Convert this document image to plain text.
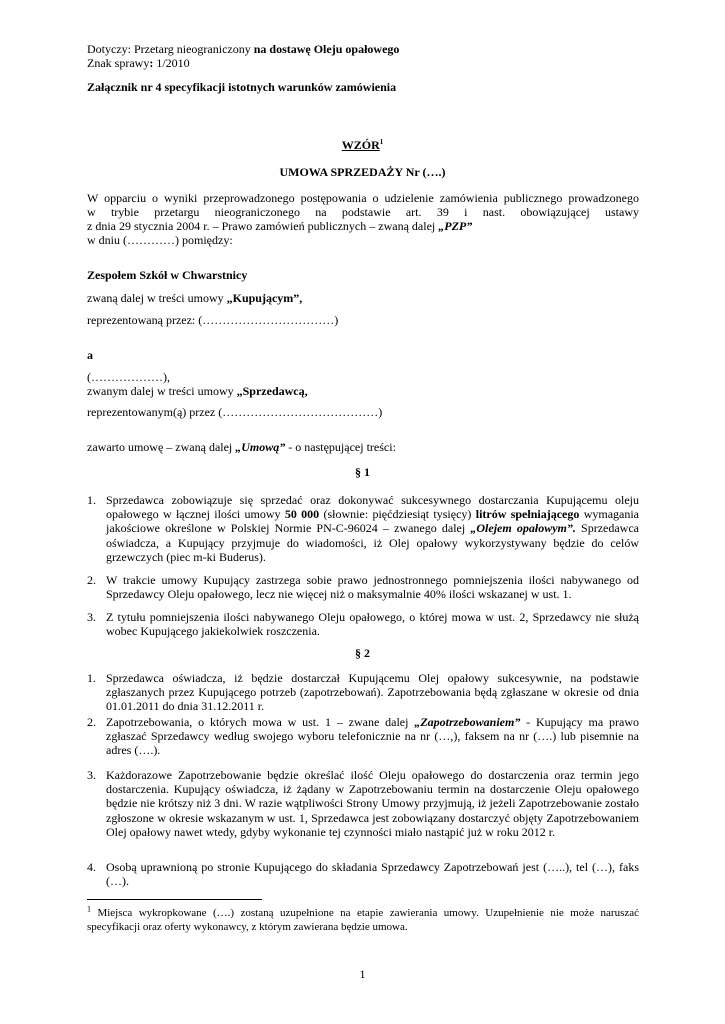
Dotyczy: Przetarg nieograniczony na dostawę Oleju opałowego
Znak sprawy: 1/2010
Załącznik nr 4 specyfikacji istotnych warunków zamówienia
WZÓR$^1$
UMOWA SPRZEDAŻY Nr (….)
W opparciu o wyniki przeprowadzonego postępowania o udzielenie zamówienia publicznego prowadzonego
w trybie przetargu nieograniczonego na podstawie art. 39 i nast. obowiązującej ustawy
z dnia 29 stycznia 2004 r. – Prawo zamówień publicznych – zwaną dalej „PZP”
w dniu (…………) pomiędzy:
Zespołem Szkół w Chwarstnicy
zwaną dalej w treści umowy „Kupującym”,
reprezentowaną przez: (……………………………)
a
(………………),
zwanym dalej w treści umowy „Sprzedawcą,
reprezentowanym(ą) przez (…………………………………)
zawarto umowę – zwaną dalej „Umową” - o następującej treści:
§ 1
1. Sprzedawca zobowiązuje się sprzedać oraz dokonywać sukcesywnego dostarczania Kupującemu oleju opałowego w łącznej ilości umowy 50 000 (słownie: pięćdziesiąt tysięcy) litrów spełniającego wymagania jakościowe określone w Polskiej Normie PN-C-96024 – zwanego dalej „Olejem opałowym”. Sprzedawca oświadcza, a Kupujący przyjmuje do wiadomości, iż Olej opałowy wykorzystywany będzie do celów grzewczych (piec m-ki Buderus).
2. W trakcie umowy Kupujący zastrzega sobie prawo jednostronnego pomniejszenia ilości nabywanego od Sprzedawcy Oleju opałowego, lecz nie więcej niż o maksymalnie 40% ilości wskazanej w ust. 1.
3. Z tytułu pomniejszenia ilości nabywanego Oleju opałowego, o której mowa w ust. 2, Sprzedawcy nie służą wobec Kupującego jakiekolwiek roszczenia.
§ 2
1. Sprzedawca oświadcza, iż będzie dostarczał Kupującemu Olej opałowy sukcesywnie, na podstawie zgłaszanych przez Kupującego potrzeb (zapotrzebowań). Zapotrzebowania będą zgłaszane w okresie od dnia 01.01.2011 do dnia 31.12.2011 r.
2. Zapotrzebowania, o których mowa w ust. 1 – zwane dalej „Zapotrzebowaniem” - Kupujący ma prawo zgłaszać Sprzedawcy według swojego wyboru telefonicznie na nr (…,), faksem na nr (….) lub pisemnie na adres (….).
3. Każdorazowe Zapotrzebowanie będzie określać ilość Oleju opałowego do dostarczenia oraz termin jego dostarczenia. Kupujący oświadcza, iż żądany w Zapotrzebowaniu termin na dostarczenie Oleju opałowego będzie nie krótszy niż 3 dni. W razie wątpliwości Strony Umowy przyjmują, iż jeżeli Zapotrzebowanie zostało zgłoszone w okresie wskazanym w ust. 1, Sprzedawca jest zobowiązany dostarczyć objęty Zapotrzebowaniem Olej opałowy nawet wtedy, gdyby wykonanie tej czynności miało nastąpić już w roku 2012 r.
4. Osobą uprawnioną po stronie Kupującego do składania Sprzedawcy Zapotrzebowań jest (…..), tel (…), faks (…).
$^1$ Miejsca wykropkowane (….) zostaną uzupełnione na etapie zawierania umowy. Uzupełnienie nie może naruszać specyfikacji oraz oferty wykonawcy, z którym zawierana będzie umowa.
1
